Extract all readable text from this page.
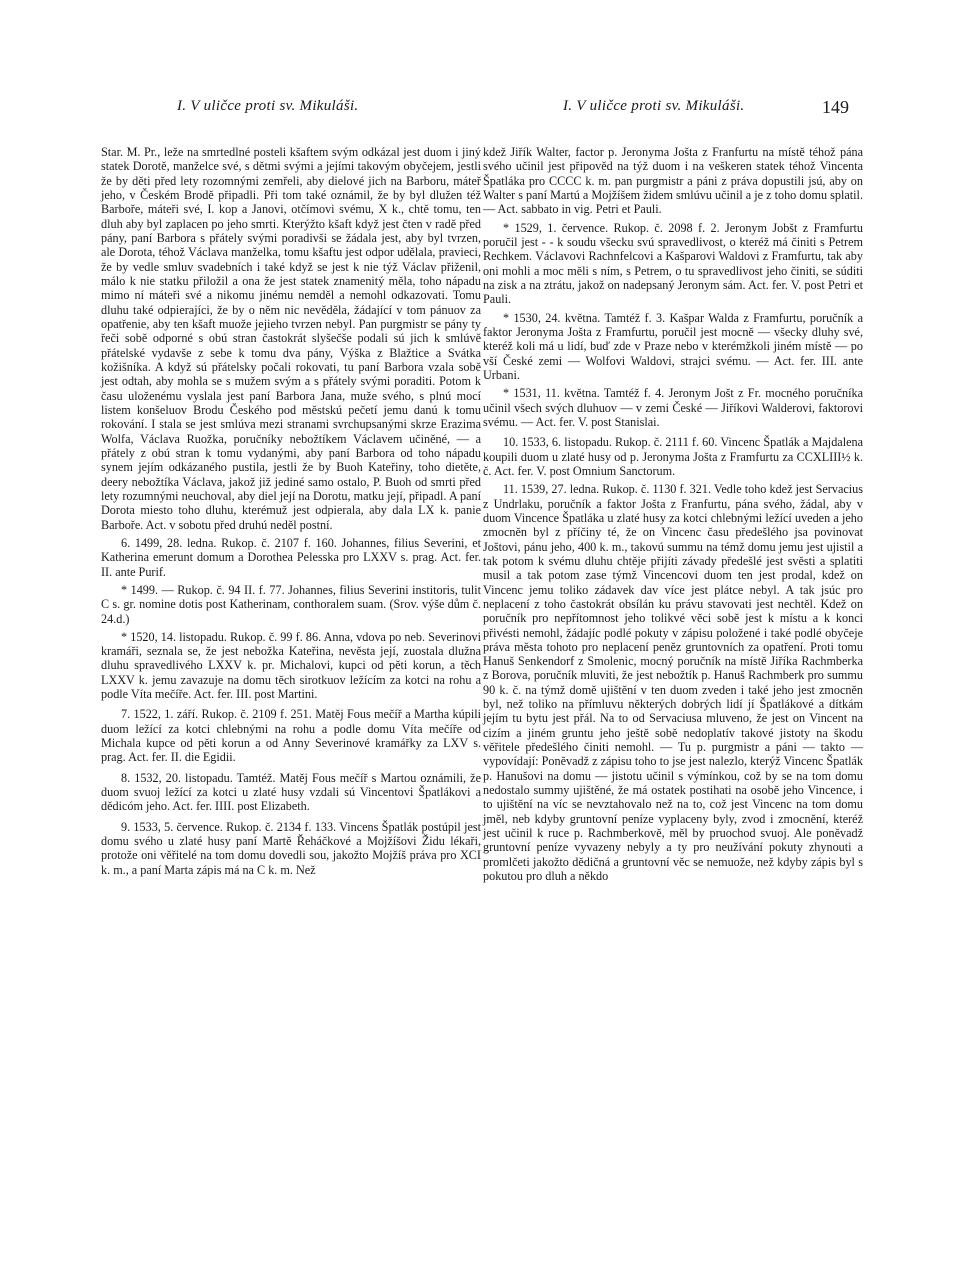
I. V uličce proti sv. Mikuláši.	I. V uličce proti sv. Mikuláši.	149

Star. M. Pr., leže na smrtedlné posteli kšaftem svým odkázal jest duom i jiný statek Dorotě, manželce své, s dětmi svými a jejími takovým obyčejem, jestli že by děti před lety rozomnými zemřeli, aby dielové jich na Barboru, máteř jeho, v Českém Brodě připadli. Při tom také oznámil, že by byl dlužen též Barboře, máteři své, I. kop a Janovi, otčímovi svému, X k., chtě tomu, ten dluh aby byl zaplacen po jeho smrti. Kterýžto kšaft když jest čten v radě před pány, paní Barbora s přátely svými poradivši se žádala jest, aby byl tvrzen, ale Dorota, téhož Václava manželka, tomu kšaftu jest odpor udělala, pravieci, že by vedle smluv svadebních i také když se jest k nie týž Václav přiženil, málo k nie statku přiložil a ona že jest statek znamenitý měla, toho nápadu mimo ní máteři své a nikomu jinému nemděl a nemohl odkazovati. Tomu dluhu také odpierajíci, že by o něm nic nevěděla, žádající v tom pánuov za opatřenie, aby ten kšaft muože jejieho tvrzen nebyl. Pan purgmistr se pány ty řeči sobě odporné s obú stran častokrát slyšečše podali sú jich k smlúvě přátelské vydavše z sebe k tomu dva pány, Výška z Blažtice a Svátka kožišníka. A když sú přátelsky počali rokovati, tu paní Barbora vzala sobě jest odtah, aby mohla se s mužem svým a s přátely svými poraditi. Potom k času uloženému vyslala jest paní Barbora Jana, muže svého, s plnú mocí listem konšeluov Brodu Českého pod městskú pečetí jemu danú k tomu rokování. I stala se jest smlúva mezi stranami svrchupsanými skrze Erazima Wolfa, Václava Ruožka, poručníky nebožtíkem Václavem učiněné, — a přátely z obú stran k tomu vydanými, aby paní Barbora od toho nápadu synem jejím odkázaného pustila, jestli že by Buoh Kateřiny, toho dietěte, deery nebožtíka Václava, jakož již jediné samo ostalo, P. Buoh od smrti před lety rozumnými neuchoval, aby diel její na Dorotu, matku její, připadl. A paní Dorota miesto toho dluhu, kterémuž jest odpierala, aby dala LX k. panie Barboře. Act. v sobotu před druhú neděl postní.

6. 1499, 28. ledna. Rukop. č. 2107 f. 160. Johannes, filius Severini, et Katherina emerunt domum a Dorothea Pelesska pro LXXV s. prag. Act. fer. II. ante Purif.

* 1499. — Rukop. č. 94 II. f. 77. Johannes, filius Severini institoris, tulit C s. gr. nomine dotis post Katherinam, conthoralem suam. (Srov. výše dům č. 24.d.)

* 1520, 14. listopadu. Rukop. č. 99 f. 86. Anna, vdova po neb. Severinovi kramáři, seznala se, že jest nebožka Kateřina, nevěsta její, zuostala dlužna dluhu spravedlivého LXXV k. pr. Michalovi, kupci od pěti korun, a těch LXXV k. jemu zavazuje na domu těch sirotkuov ležícím za kotci na rohu a podle Víta mečíře. Act. fer. III. post Martini.

7. 1522, 1. září. Rukop. č. 2109 f. 251. Matěj Fous mečíř a Martha kúpili duom ležící za kotci chlebnými na rohu a podle domu Víta mečíře od Michala kupce od pěti korun a od Anny Severinové kramářky za LXV s. prag. Act. fer. II. die Egidii.

8. 1532, 20. listopadu. Tamtéž. Matěj Fous mečíř s Martou oznámili, že duom svuoj ležící za kotci u zlaté husy vzdali sú Vincentovi Špatlákovi a dědicóm jeho. Act. fer. IIII. post Elizabeth.

9. 1533, 5. července. Rukop. č. 2134 f. 133. Vincens Špatlák postúpil jest domu svého u zlaté husy paní Martě Řeháčkové a Mojžíšovi Židu lékaři, protože oni věřitelé na tom domu dovedli sou, jakožto Mojžíš práva pro XCI k. m., a paní Marta zápis má na C k. m. Než

kdež Jiřík Walter, factor p. Jeronyma Jošta z Franfurtu na místě téhož pána svého učinil jest připověd na týž duom i na veškeren statek téhož Vincenta Špatláka pro CCCC k. m. pan purgmistr a páni z práva dopustili jsú, aby on Walter s paní Martú a Mojžíšem židem smlúvu učinil a je z toho domu splatil. — Act. sabbato in vig. Petri et Pauli.

* 1529, 1. července. Rukop. č. 2098 f. 2. Jeronym Jobšt z Framfurtu poručil jest - - k soudu všecku svú spravedlivost, o kteréž má činiti s Petrem Rechkem. Václavovi Rachnfelcovi a Kašparovi Waldovi z Framfurtu, tak aby oni mohli a moc měli s ním, s Petrem, o tu spravedlivost jeho činiti, se súditi na zisk a na ztrátu, jakož on nadepsaný Jeronym sám. Act. fer. V. post Petri et Pauli.

* 1530, 24. května. Tamtéž f. 3. Kašpar Walda z Framfurtu, poručník a faktor Jeronyma Jošta z Framfurtu, poručil jest mocně — všecky dluhy své, kteréž koli má u lidí, buď zde v Praze nebo v kterémžkoli jiném místě — po vší České zemi — Wolfovi Waldovi, strajci svému. — Act. fer. III. ante Urbani.

* 1531, 11. května. Tamtéž f. 4. Jeronym Jošt z Fr. mocného poručníka učinil všech svých dluhuov — v zemi České — Jiříkovi Walderovi, faktorovi svému. — Act. fer. V. post Stanislai.

10. 1533, 6. listopadu. Rukop. č. 2111 f. 60. Vincenc Špatlák a Majdalena koupili duom u zlaté husy od p. Jeronyma Jošta z Framfurtu za CCXLIII½ k. č. Act. fer. V. post Omnium Sanctorum.

11. 1539, 27. ledna. Rukop. č. 1130 f. 321. Vedle toho kdež jest Servacius z Undrlaku, poručník a faktor Jošta z Franfurtu, pána svého, žádal, aby v duom Vincence Špatláka u zlaté husy za kotci chlebnými ležící uveden a jeho zmocněn byl z příčiny té, že on Vincenc času předešlého jsa povinovat Joštovi, pánu jeho, 400 k. m., takovú summu na témž domu jemu jest ujistil a tak potom k svému dluhu chtěje přijíti závady předešlé jest svěsti a splatiti musil a tak potom zase týmž Vincencovi duom ten jest prodal, kdež on Vincenc jemu toliko zádavek dav více jest plátce nebyl. A tak jsúc pro neplacení z toho častokrát obsílán ku právu stavovati jest nechtěl. Kdež on poručník pro nepřítomnost jeho tolikvé věci sobě jest k místu a k konci přivésti nemohl, žádajíc podlé pokuty v zápisu položené i také podlé obyčeje práva města tohoto pro neplacení peněz gruntovních za opatření. Proti tomu Hanuš Senkendorf z Smolenic, mocný poručník na místě Jiříka Rachmberka z Borova, poručník mluviti, že jest nebožtík p. Hanuš Rachmberk pro summu 90 k. č. na týmž domě ujištění v ten duom zveden i také jeho jest zmocněn byl, než toliko na přímluvu některých dobrých lidí jí Špatlákové a dítkám jejím tu bytu jest přál. Na to od Servaciusa mluveno, že jest on Vincent na cizím a jiném gruntu jeho ještě sobě nedoplatív takové jistoty na škodu věřitele předešlého činiti nemohl. — Tu p. purgmistr a páni — takto — vypovídají: Poněvadž z zápisu toho to jse jest nalezlo, kterýž Vincenc Špatlák p. Hanušovi na domu — jistotu učinil s výmínkou, což by se na tom domu nedostalo summy ujištěné, že má ostatek postihati na osobě jeho Vincence, i to ujištění na víc se nevztahovalo než na to, což jest Vincenc na tom domu jměl, neb kdyby gruntovní peníze vyplaceny byly, zvod i zmocnění, kteréž jest učinil k ruce p. Rachmberkově, měl by pruochod svuoj. Ale poněvadž gruntovní peníze vyvazeny nebyly a ty pro neužívání pokuty zhynouti a promlčeti jakožto dědičná a gruntovní věc se nemuože, než kdyby zápis byl s pokutou pro dluh a někdo
